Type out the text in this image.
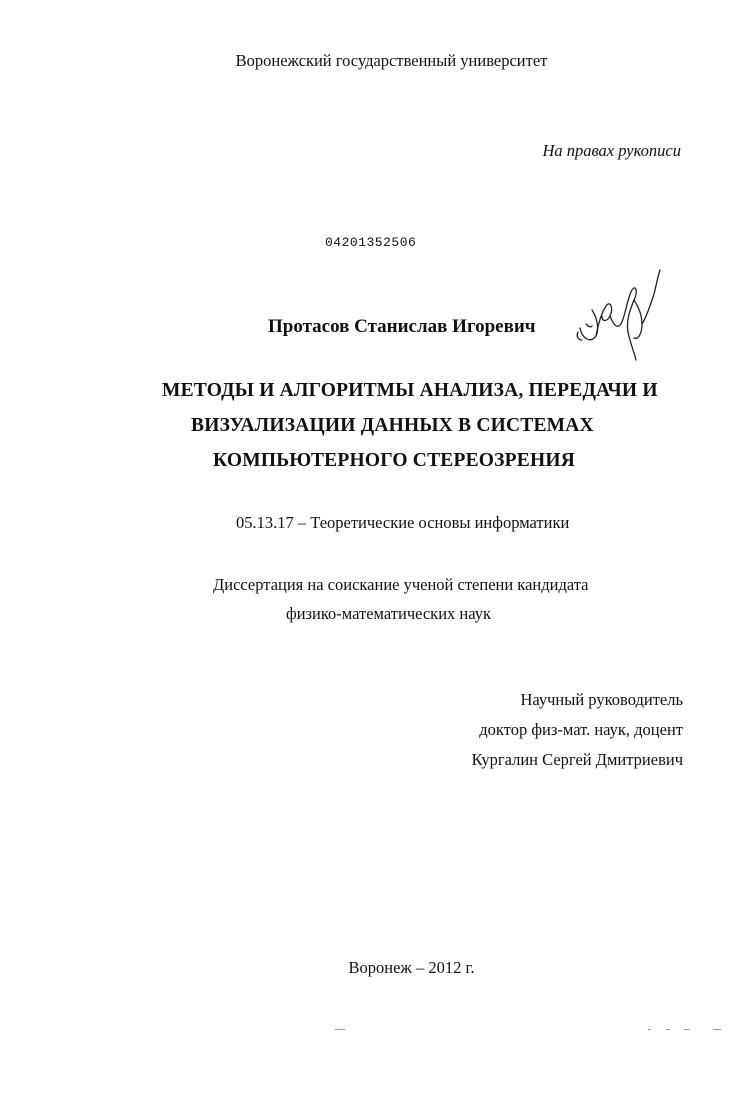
Воронежский государственный университет
На правах рукописи
04201352506
Протасов Станислав Игоревич
МЕТОДЫ И АЛГОРИТМЫ АНАЛИЗА, ПЕРЕДАЧИ И
ВИЗУАЛИЗАЦИИ ДАННЫХ В СИСТЕМАХ
КОМПЬЮТЕРНОГО СТЕРЕОЗРЕНИЯ
05.13.17 – Теоретические основы информатики
Диссертация на соискание ученой степени кандидата
физико-математических наук
Научный руководитель
доктор физ-мат. наук, доцент
Кургалин Сергей Дмитриевич
Воронеж – 2012 г.
